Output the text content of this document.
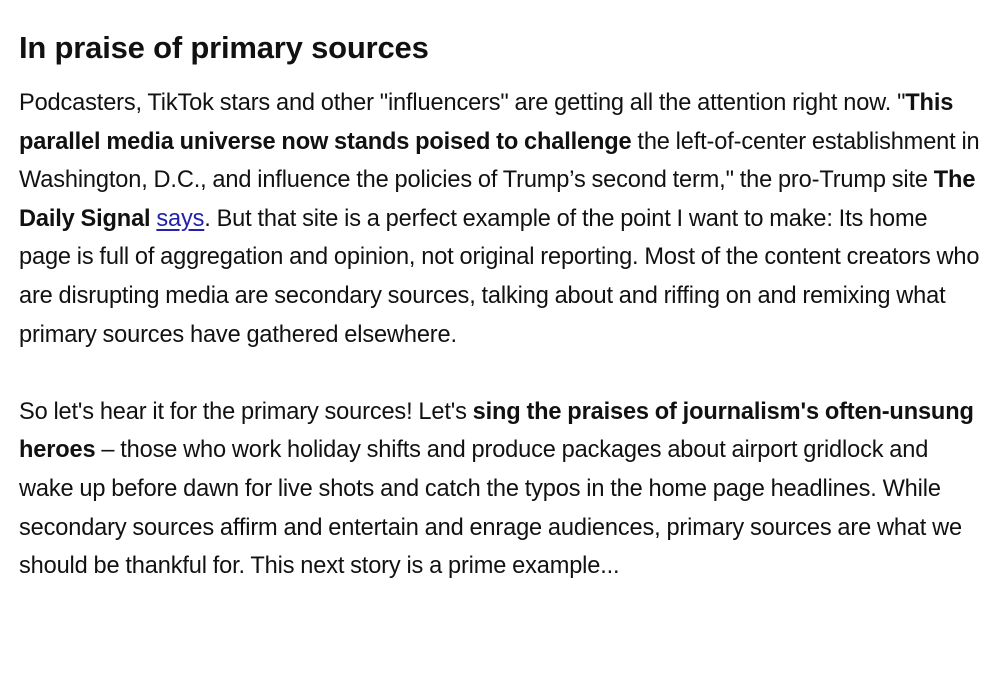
In praise of primary sources

Podcasters, TikTok stars and other "influencers" are getting all the attention right now. "This parallel media universe now stands poised to challenge the left-of-center establishment in Washington, D.C., and influence the policies of Trump’s second term," the pro-Trump site The Daily Signal says. But that site is a perfect example of the point I want to make: Its home page is full of aggregation and opinion, not original reporting. Most of the content creators who are disrupting media are secondary sources, talking about and riffing on and remixing what primary sources have gathered elsewhere.

So let's hear it for the primary sources! Let's sing the praises of journalism's often-unsung heroes – those who work holiday shifts and produce packages about airport gridlock and wake up before dawn for live shots and catch the typos in the home page headlines. While secondary sources affirm and entertain and enrage audiences, primary sources are what we should be thankful for. This next story is a prime example...
